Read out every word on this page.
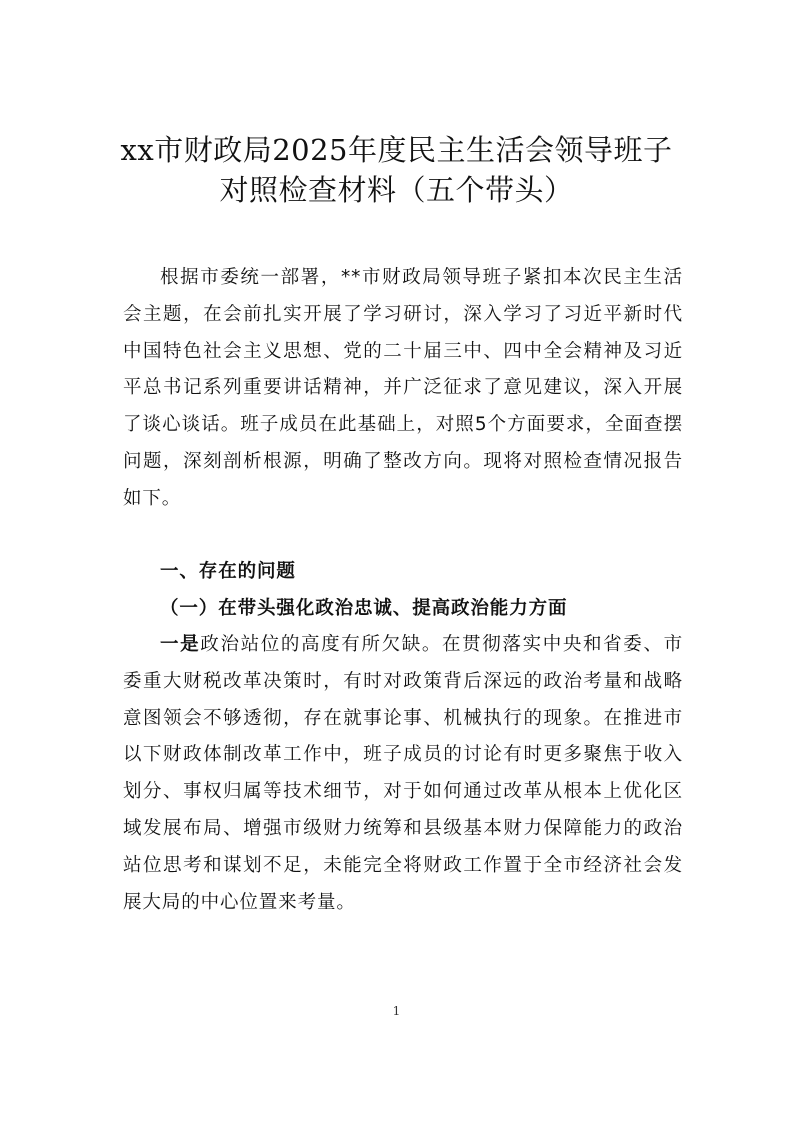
xx市财政局2025年度民主生活会领导班子
对照检查材料（五个带头）

根据市委统一部署，**市财政局领导班子紧扣本次民主生活会主题，在会前扎实开展了学习研讨，深入学习了习近平新时代中国特色社会主义思想、党的二十届三中、四中全会精神及习近平总书记系列重要讲话精神，并广泛征求了意见建议，深入开展了谈心谈话。班子成员在此基础上，对照5个方面要求，全面查摆问题，深刻剖析根源，明确了整改方向。现将对照检查情况报告如下。

一、存在的问题
（一）在带头强化政治忠诚、提高政治能力方面

一是政治站位的高度有所欠缺。在贯彻落实中央和省委、市委重大财税改革决策时，有时对政策背后深远的政治考量和战略意图领会不够透彻，存在就事论事、机械执行的现象。在推进市以下财政体制改革工作中，班子成员的讨论有时更多聚焦于收入划分、事权归属等技术细节，对于如何通过改革从根本上优化区域发展布局、增强市级财力统筹和县级基本财力保障能力的政治站位思考和谋划不足，未能完全将财政工作置于全市经济社会发展大局的中心位置来考量。

1
